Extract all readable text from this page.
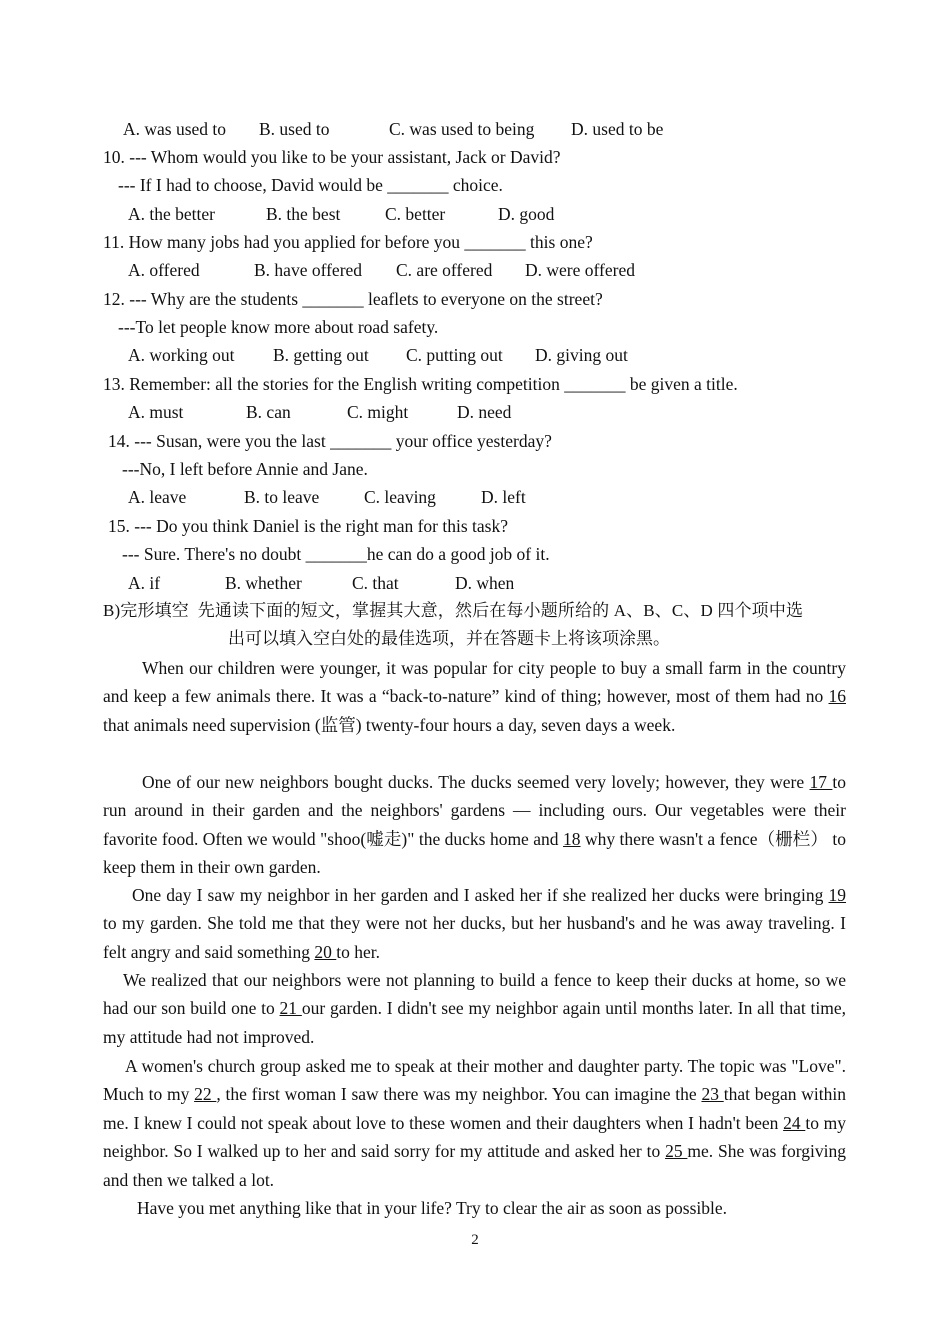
A. was used to B. used to	C. was used to being D. used to be
10. --- Whom would you like to be your assistant, Jack or David?
--- If I had to choose, David would be _______ choice.
A. the better	B. the best	C. better	D. good
11. How many jobs had you applied for before you _______ this one?
A. offered	B. have offered C. are offered D. were offered
12. --- Why are the students _______ leaflets to everyone on the street?
---To let people know more about road safety.
A. working out B. getting out C. putting out D. giving out
13. Remember: all the stories for the English writing competition _______ be given a title.
A. must	B. can	C. might	D. need
14. --- Susan, were you the last _______ your office yesterday?
---No, I left before Annie and Jane.
A. leave	B. to leave	C. leaving	D. left
15. --- Do you think Daniel is the right man for this task?
--- Sure. There's no doubt _______he can do a good job of it.
A. if	B. whether	C. that	D. when
B)完形填空  先通读下面的短文，掌握其大意，然后在每小题所给的 A、B、C、D 四个项中选
出可以填入空白处的最佳选项，并在答题卡上将该项涂黑。
When our children were younger, it was popular for city people to buy a small farm in the country and keep a few animals there. It was a “back-to-nature” kind of thing; however, most of them had no 16 that animals need supervision (监管) twenty-four hours a day, seven days a week.
One of our new neighbors bought ducks. The ducks seemed very lovely; however, they were 17 to run around in their garden and the neighbors' gardens — including ours. Our vegetables were their favorite food. Often we would "shoo(嘘走)" the ducks home and 18 why there wasn't a fence（栅栏） to keep them in their own garden.
One day I saw my neighbor in her garden and I asked her if she realized her ducks were bringing 19 to my garden. She told me that they were not her ducks, but her husband's and he was away traveling. I felt angry and said something 20 to her.
We realized that our neighbors were not planning to build a fence to keep their ducks at home, so we had our son build one to 21 our garden. I didn't see my neighbor again until months later. In all that time, my attitude had not improved.
A women's church group asked me to speak at their mother and daughter party. The topic was "Love". Much to my 22 , the first woman I saw there was my neighbor. You can imagine the 23 that began within me. I knew I could not speak about love to these women and their daughters when I hadn't been 24 to my neighbor. So I walked up to her and said sorry for my attitude and asked her to 25 me. She was forgiving and then we talked a lot.
Have you met anything like that in your life? Try to clear the air as soon as possible.
2
